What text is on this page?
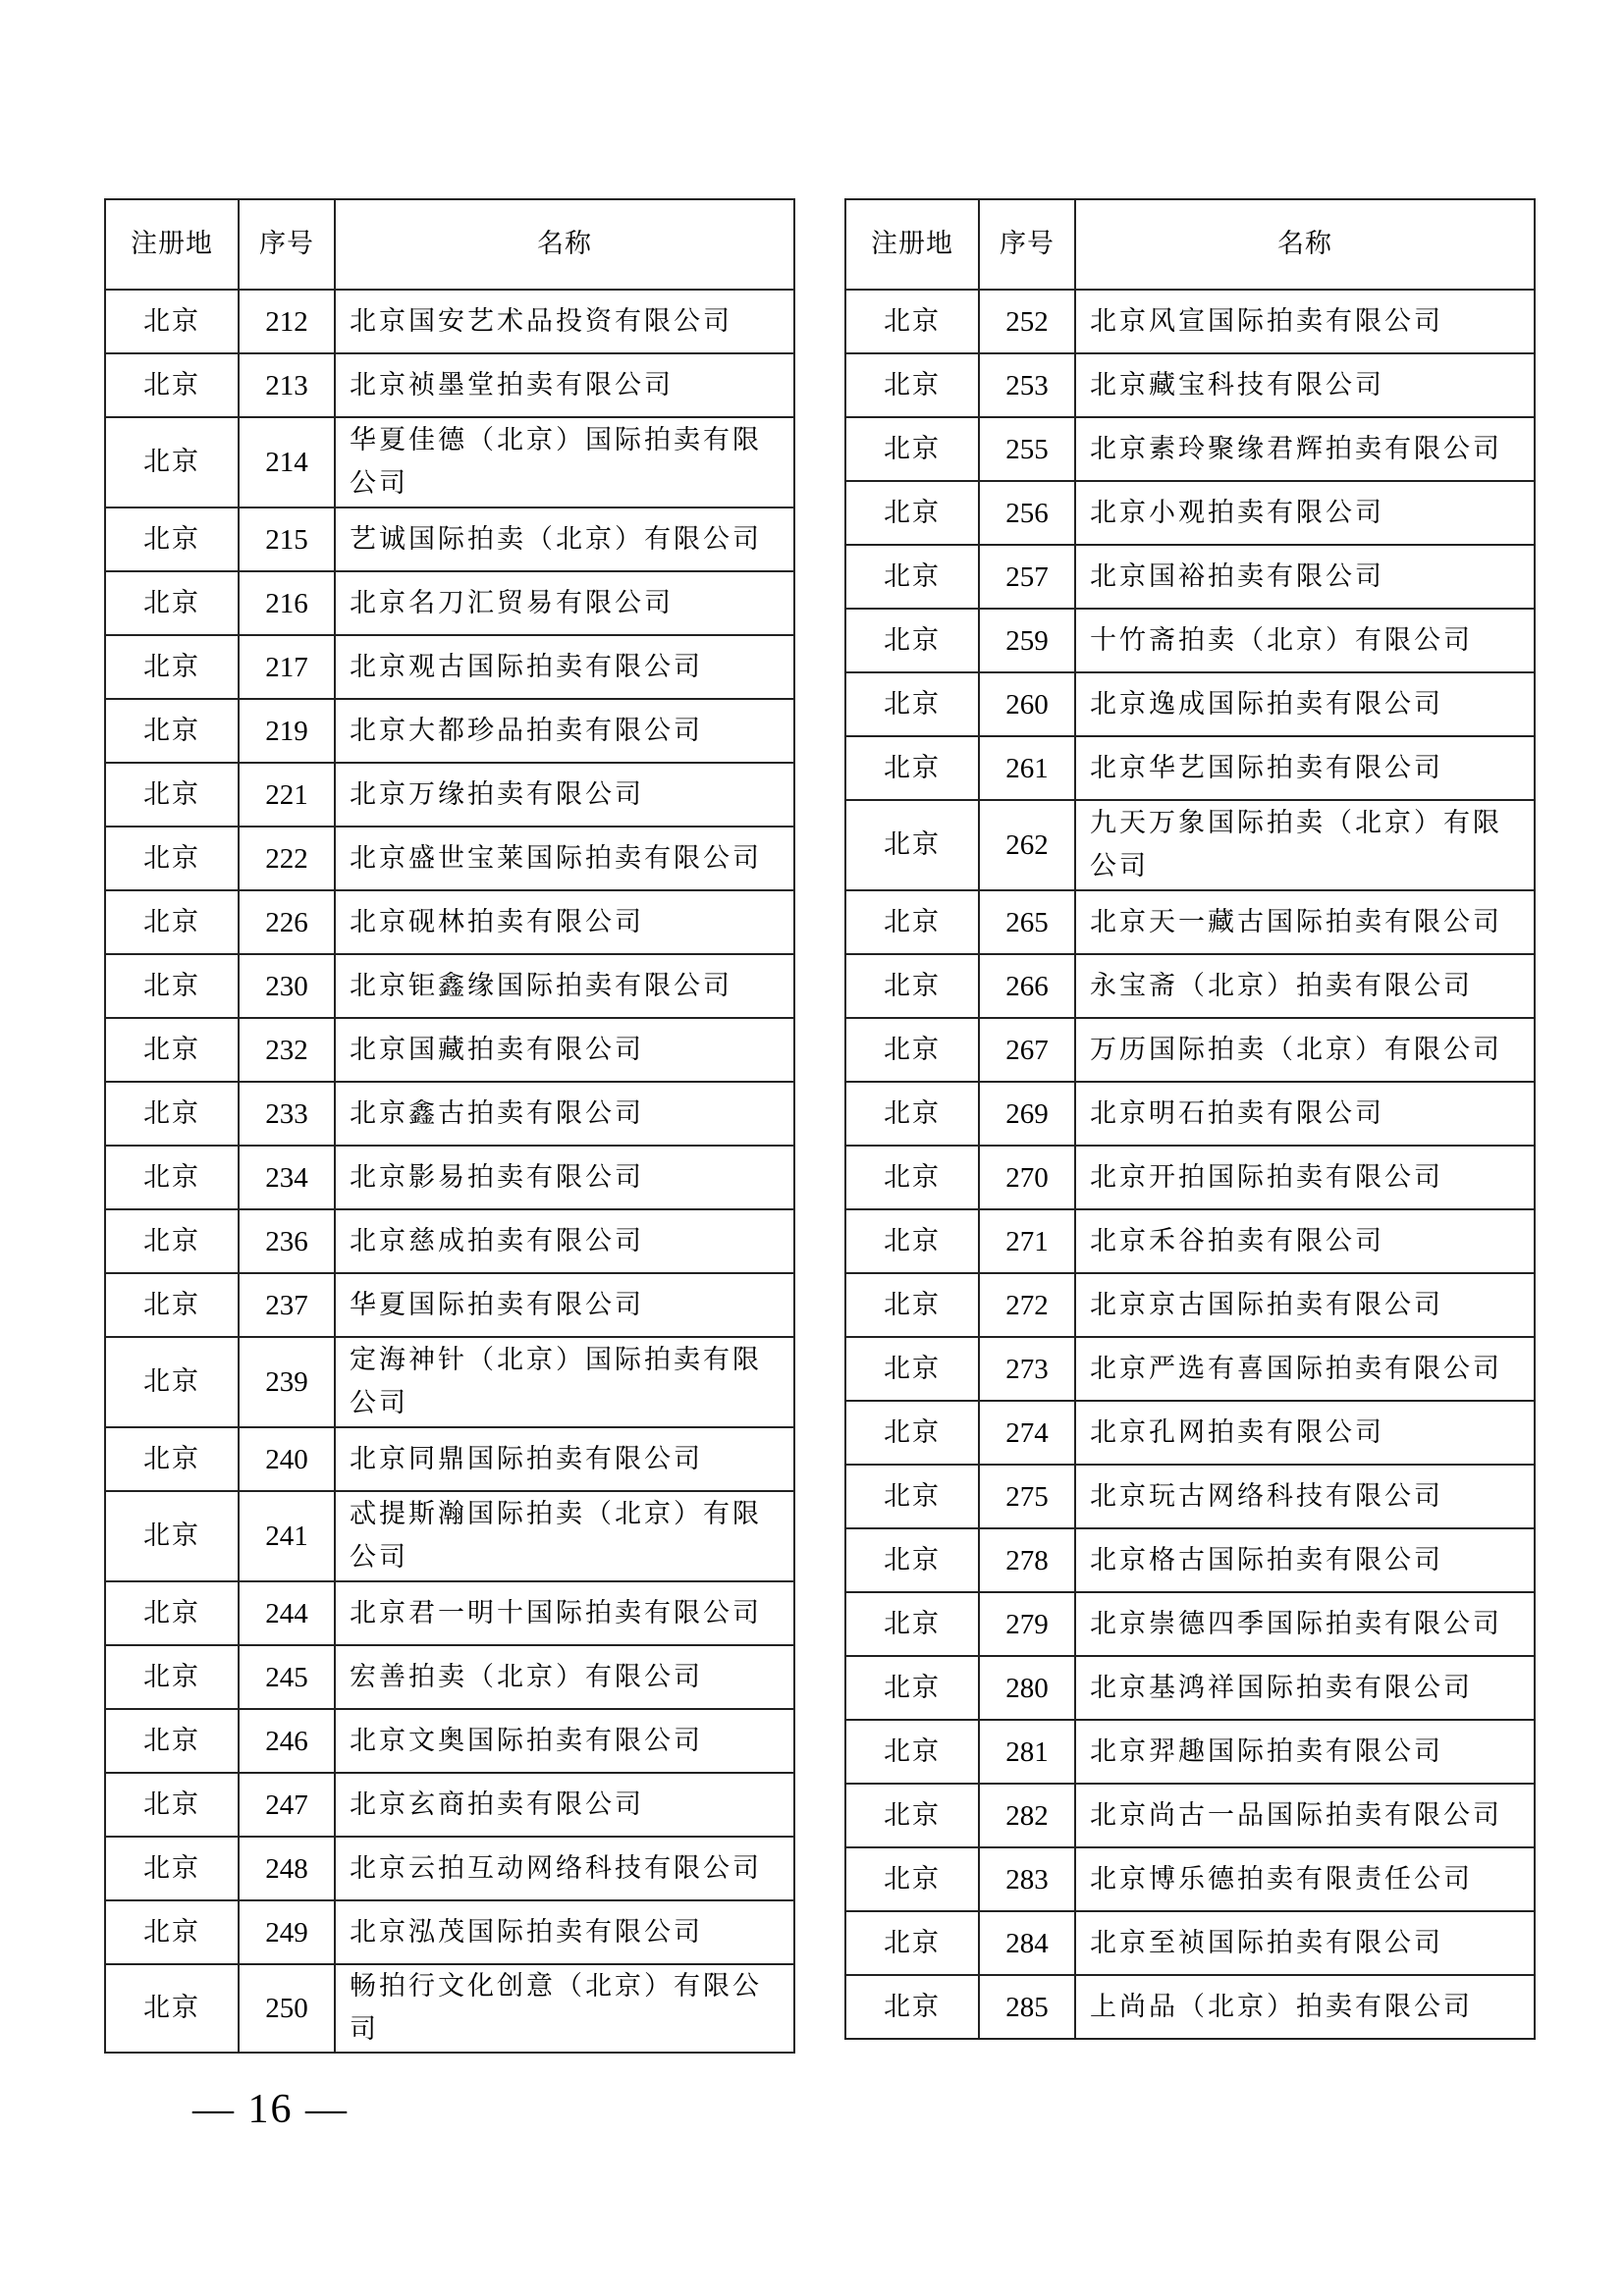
注册地	序号	名称
北京	212	北京国安艺术品投资有限公司
北京	213	北京祯墨堂拍卖有限公司
北京	214	华夏佳德（北京）国际拍卖有限公司
北京	215	艺诚国际拍卖（北京）有限公司
北京	216	北京名刀汇贸易有限公司
北京	217	北京观古国际拍卖有限公司
北京	219	北京大都珍品拍卖有限公司
北京	221	北京万缘拍卖有限公司
北京	222	北京盛世宝莱国际拍卖有限公司
北京	226	北京砚林拍卖有限公司
北京	230	北京钜鑫缘国际拍卖有限公司
北京	232	北京国藏拍卖有限公司
北京	233	北京鑫古拍卖有限公司
北京	234	北京影易拍卖有限公司
北京	236	北京慈成拍卖有限公司
北京	237	华夏国际拍卖有限公司
北京	239	定海神针（北京）国际拍卖有限公司
北京	240	北京同鼎国际拍卖有限公司
北京	241	忒提斯瀚国际拍卖（北京）有限公司
北京	244	北京君一明十国际拍卖有限公司
北京	245	宏善拍卖（北京）有限公司
北京	246	北京文奥国际拍卖有限公司
北京	247	北京玄商拍卖有限公司
北京	248	北京云拍互动网络科技有限公司
北京	249	北京泓茂国际拍卖有限公司
北京	250	畅拍行文化创意（北京）有限公司
注册地	序号	名称
北京	252	北京风宣国际拍卖有限公司
北京	253	北京藏宝科技有限公司
北京	255	北京素玲聚缘君辉拍卖有限公司
北京	256	北京小观拍卖有限公司
北京	257	北京国裕拍卖有限公司
北京	259	十竹斋拍卖（北京）有限公司
北京	260	北京逸成国际拍卖有限公司
北京	261	北京华艺国际拍卖有限公司
北京	262	九天万象国际拍卖（北京）有限公司
北京	265	北京天一藏古国际拍卖有限公司
北京	266	永宝斋（北京）拍卖有限公司
北京	267	万历国际拍卖（北京）有限公司
北京	269	北京明石拍卖有限公司
北京	270	北京开拍国际拍卖有限公司
北京	271	北京禾谷拍卖有限公司
北京	272	北京京古国际拍卖有限公司
北京	273	北京严选有喜国际拍卖有限公司
北京	274	北京孔网拍卖有限公司
北京	275	北京玩古网络科技有限公司
北京	278	北京格古国际拍卖有限公司
北京	279	北京崇德四季国际拍卖有限公司
北京	280	北京基鸿祥国际拍卖有限公司
北京	281	北京羿趣国际拍卖有限公司
北京	282	北京尚古一品国际拍卖有限公司
北京	283	北京博乐德拍卖有限责任公司
北京	284	北京至祯国际拍卖有限公司
北京	285	上尚品（北京）拍卖有限公司
— 16 —
